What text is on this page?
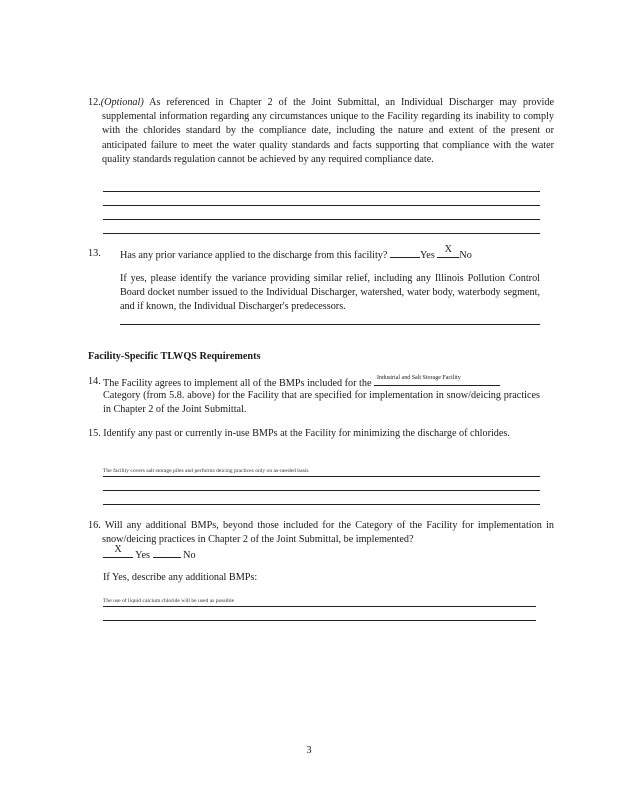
12.(Optional) As referenced in Chapter 2 of the Joint Submittal, an Individual Discharger may provide supplemental information regarding any circumstances unique to the Facility regarding its inability to comply with the chlorides standard by the compliance date, including the nature and extent of the present or anticipated failure to meet the water quality standards and facts supporting that compliance with the water quality standards regulation cannot be achieved by any required compliance date.
13. Has any prior variance applied to the discharge from this facility?	Yes
X
No
If yes, please identify the variance providing similar relief, including any Illinois Pollution Control Board docket number issued to the Individual Discharger, watershed, water body, waterbody segment, and if known, the Individual Discharger's predecessors.
Facility-Specific TLWQS Requirements
14. The Facility agrees to implement all of the BMPs included for the
Industrial and Salt Storage Facility
Category (from 5.8. above) for the Facility that are specified for implementation in snow/deicing practices in Chapter 2 of the Joint Submittal.
15. Identify any past or currently in-use BMPs at the Facility for minimizing the discharge of chlorides.
The facility covers salt storage piles and performs deicing practices only on as-needed basis
16. Will any additional BMPs, beyond those included for the Category of the Facility for implementation in snow/deicing practices in Chapter 2 of the Joint Submittal, be implemented?
X
Yes	No
If Yes, describe any additional BMPs:
The use of liquid calcium chloride will be used as possible
3
